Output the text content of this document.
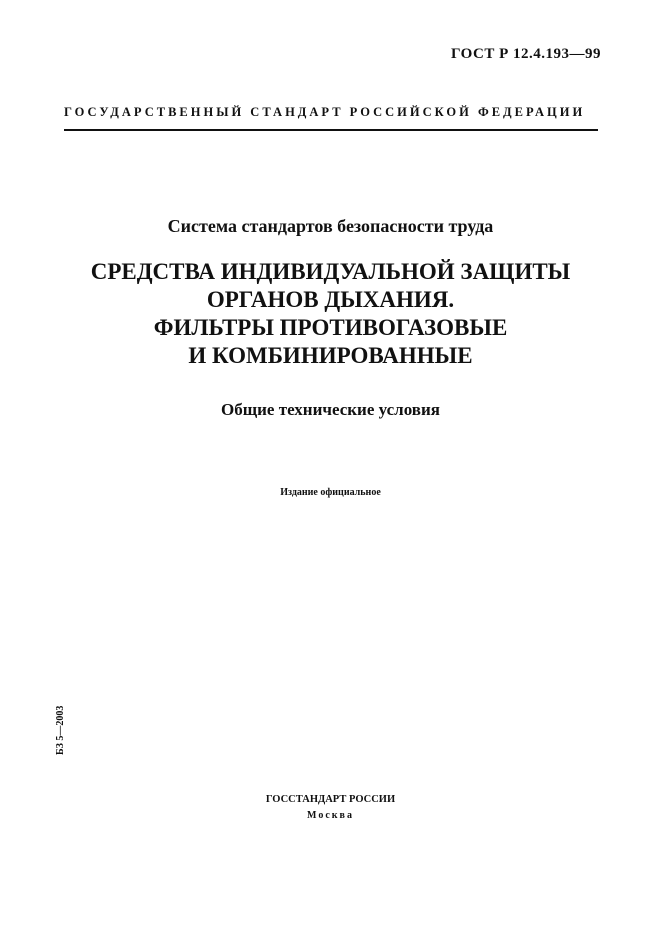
ГОСТ Р 12.4.193—99
ГОСУДАРСТВЕННЫЙ СТАНДАРТ РОССИЙСКОЙ ФЕДЕРАЦИИ
Система стандартов безопасности труда
СРЕДСТВА ИНДИВИДУАЛЬНОЙ ЗАЩИТЫ
ОРГАНОВ ДЫХАНИЯ.
ФИЛЬТРЫ ПРОТИВОГАЗОВЫЕ
И КОМБИНИРОВАННЫЕ
Общие технические условия
Издание официальное
БЗ 5—2003
ГОССТАНДАРТ РОССИИ
Москва
